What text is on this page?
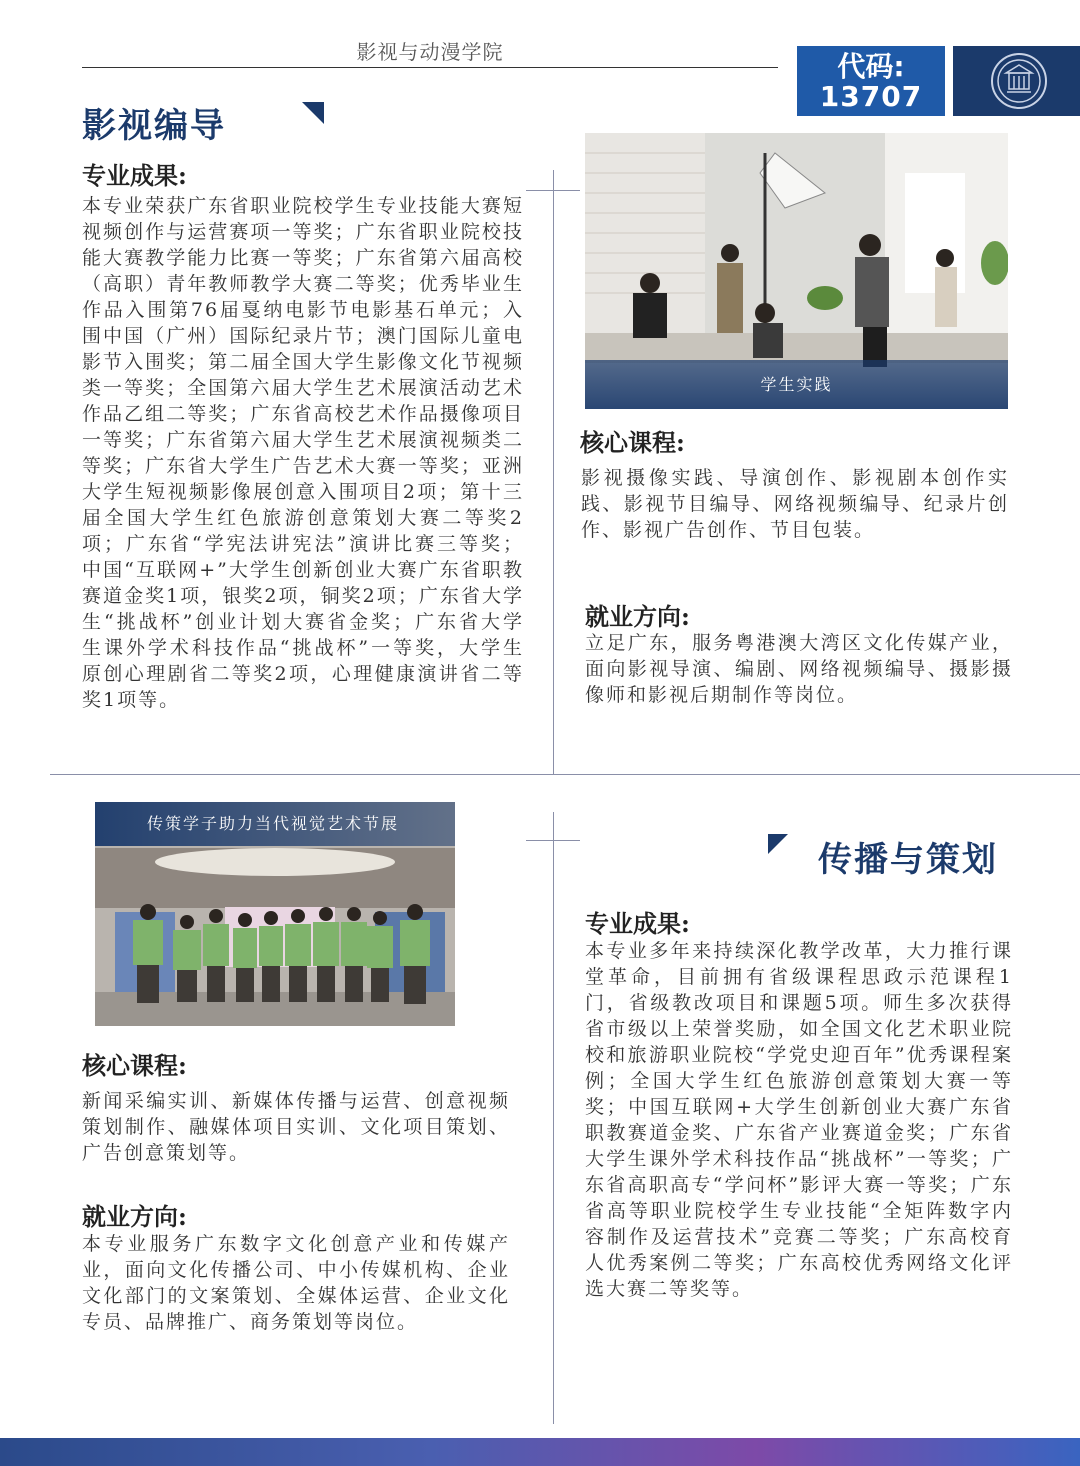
影视与动漫学院	代码:
13707
影视编导
专业成果:
本专业荣获广东省职业院校学生专业技能大赛短视频创作与运营赛项一等奖；广东省职业院校技能大赛教学能力比赛一等奖；广东省第六届高校（高职）青年教师教学大赛二等奖；优秀毕业生作品入围第76届戛纳电影节电影基石单元；入围中国（广州）国际纪录片节；澳门国际儿童电影节入围奖；第二届全国大学生影像文化节视频类一等奖；全国第六届大学生艺术展演活动艺术作品乙组二等奖；广东省高校艺术作品摄像项目一等奖；广东省第六届大学生艺术展演视频类二等奖；广东省大学生广告艺术大赛一等奖；亚洲大学生短视频影像展创意入围项目2项；第十三届全国大学生红色旅游创意策划大赛二等奖2项；广东省“学宪法讲宪法”演讲比赛三等奖；中国“互联网+”大学生创新创业大赛广东省职教赛道金奖1项，银奖2项，铜奖2项；广东省大学生“挑战杯”创业计划大赛省金奖；广东省大学生课外学术科技作品“挑战杯”一等奖，大学生原创心理剧省二等奖2项，心理健康演讲省二等奖1项等。
学生实践
核心课程:
影视摄像实践、导演创作、影视剧本创作实践、影视节目编导、网络视频编导、纪录片创作、影视广告创作、节目包装。
就业方向:
立足广东，服务粤港澳大湾区文化传媒产业，面向影视导演、编剧、网络视频编导、摄影摄像师和影视后期制作等岗位。
传策学子助力当代视觉艺术节展
核心课程:
新闻采编实训、新媒体传播与运营、创意视频策划制作、融媒体项目实训、文化项目策划、广告创意策划等。
就业方向:
本专业服务广东数字文化创意产业和传媒产业，面向文化传播公司、中小传媒机构、企业文化部门的文案策划、全媒体运营、企业文化专员、品牌推广、商务策划等岗位。
传播与策划
专业成果:
本专业多年来持续深化教学改革，大力推行课堂革命，目前拥有省级课程思政示范课程1门，省级教改项目和课题5项。师生多次获得省市级以上荣誉奖励，如全国文化艺术职业院校和旅游职业院校“学党史迎百年”优秀课程案例；全国大学生红色旅游创意策划大赛一等奖；中国互联网+大学生创新创业大赛广东省职教赛道金奖、广东省产业赛道金奖；广东省大学生课外学术科技作品“挑战杯”一等奖；广东省高职高专“学问杯”影评大赛一等奖；广东省高等职业院校学生专业技能“全矩阵数字内容制作及运营技术”竞赛二等奖；广东高校育人优秀案例二等奖；广东高校优秀网络文化评选大赛二等奖等。
